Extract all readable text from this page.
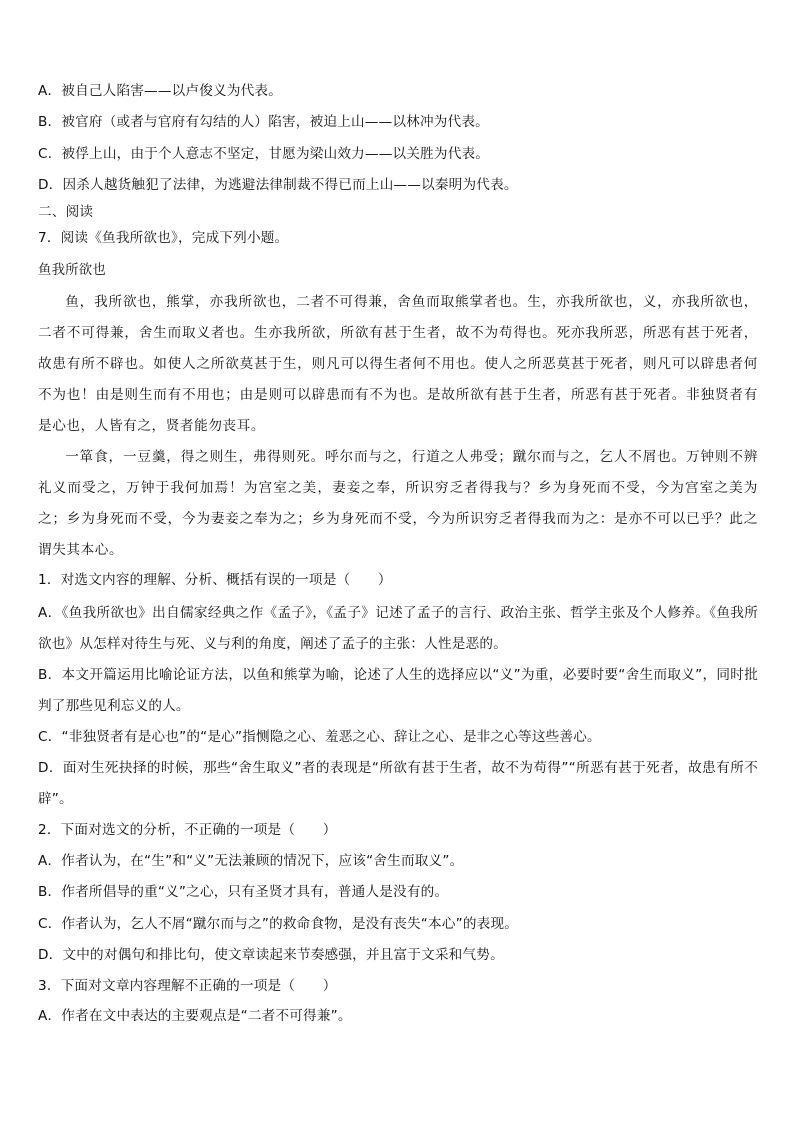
A．被自己人陷害——以卢俊义为代表。
B．被官府（或者与官府有勾结的人）陷害，被迫上山——以林冲为代表。
C．被俘上山，由于个人意志不坚定，甘愿为梁山效力——以关胜为代表。
D．因杀人越货触犯了法律，为逃避法律制裁不得已而上山——以秦明为代表。
二、阅读
7．阅读《鱼我所欲也》，完成下列小题。
鱼我所欲也
鱼，我所欲也，熊掌，亦我所欲也，二者不可得兼，舍鱼而取熊掌者也。生，亦我所欲也，义，亦我所欲也，二者不可得兼，舍生而取义者也。生亦我所欲，所欲有甚于生者，故不为苟得也。死亦我所恶，所恶有甚于死者，故患有所不辟也。如使人之所欲莫甚于生，则凡可以得生者何不用也。使人之所恶莫甚于死者，则凡可以辟患者何不为也！由是则生而有不用也；由是则可以辟患而有不为也。是故所欲有甚于生者，所恶有甚于死者。非独贤者有是心也，人皆有之，贤者能勿丧耳。
一箪食，一豆羹，得之则生，弗得则死。呼尔而与之，行道之人弗受；蹴尔而与之，乞人不屑也。万钟则不辨礼义而受之，万钟于我何加焉！为宫室之美，妻妾之奉，所识穷乏者得我与？乡为身死而不受，今为宫室之美为之；乡为身死而不受，今为妻妾之奉为之；乡为身死而不受，今为所识穷乏者得我而为之：是亦不可以已乎？此之谓失其本心。
1．对选文内容的理解、分析、概括有误的一项是（　　）
A．《鱼我所欲也》出自儒家经典之作《孟子》，《孟子》记述了孟子的言行、政治主张、哲学主张及个人修养。《鱼我所欲也》从怎样对待生与死、义与利的角度，阐述了孟子的主张：人性是恶的。
B．本文开篇运用比喻论证方法，以鱼和熊掌为喻，论述了人生的选择应以“义”为重，必要时要“舍生而取义”，同时批判了那些见利忘义的人。
C．“非独贤者有是心也”的“是心”指恻隐之心、羞恶之心、辞让之心、是非之心等这些善心。
D．面对生死抉择的时候，那些“舍生取义”者的表现是“所欲有甚于生者，故不为苟得”“所恶有甚于死者，故患有所不辟”。
2．下面对选文的分析，不正确的一项是（　　）
A．作者认为，在“生”和“义”无法兼顾的情况下，应该“舍生而取义”。
B．作者所倡导的重“义”之心，只有圣贤才具有，普通人是没有的。
C．作者认为，乞人不屑“蹴尔而与之”的救命食物，是没有丧失“本心”的表现。
D．文中的对偶句和排比句，使文章读起来节奏感强，并且富于文采和气势。
3．下面对文章内容理解不正确的一项是（　　）
A．作者在文中表达的主要观点是“二者不可得兼”。
